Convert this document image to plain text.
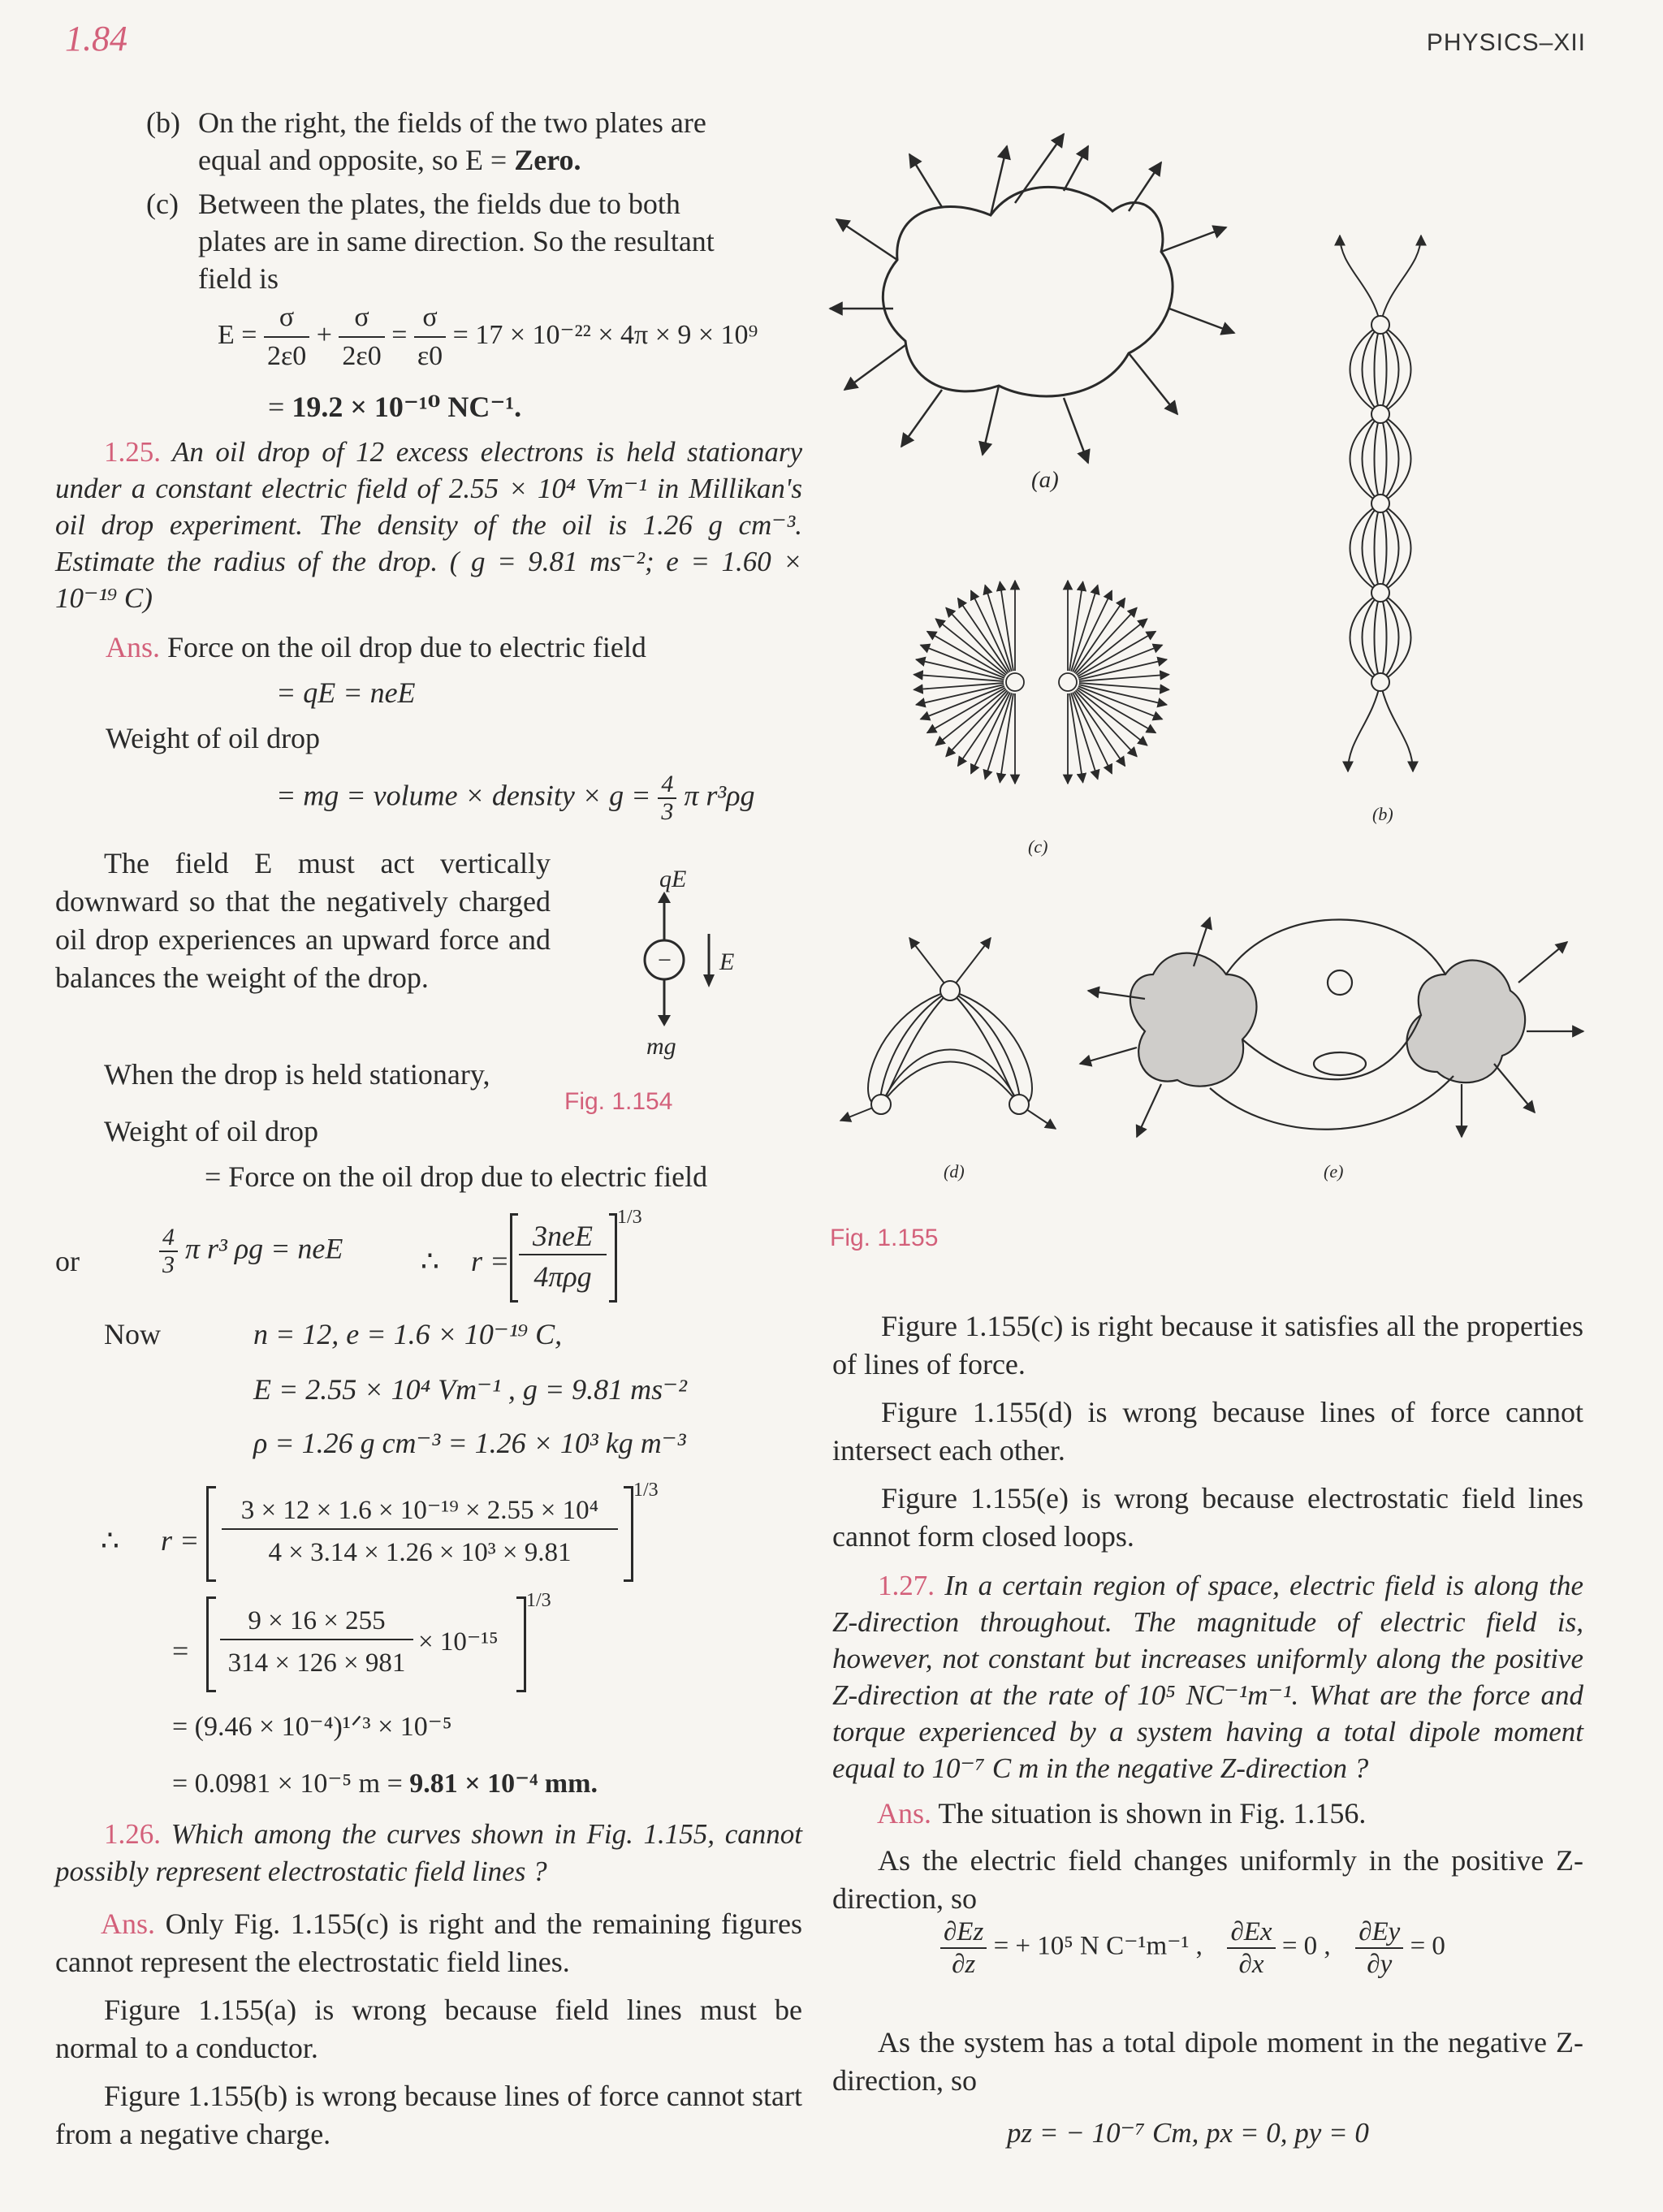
1.84	PHYSICS–XII
(b) On the right, the fields of the two plates are
equal and opposite, so E = Zero.
(c) Between the plates, the fields due to both
plates are in same direction. So the resultant
field is
$E = \frac{\sigma}{2\varepsilon 0} + \frac{\sigma}{2\varepsilon 0} = \frac{\sigma}{\varepsilon 0} = 17 \times 10^{-22} \times 4\pi \times 9 \times 10^9$
= 19.2 × 10⁻¹⁰ NC⁻¹.
1.25. An oil drop of 12 excess electrons is held stationary under a constant electric field of 2.55 × 10⁴ Vm⁻¹ in Millikan's oil drop experiment. The density of the oil is 1.26 g cm⁻³. Estimate the radius of the drop. ( g = 9.81 ms⁻²; e = 1.60 × 10⁻¹⁹ C)
Ans. Force on the oil drop due to electric field
= qE = neE
Weight of oil drop
= mg = volume × density × $g = \frac{4}{3}$ π r³ρg
The field E must act vertically downward so that the negatively charged oil drop experiences an upward force and balances the weight of the drop.
qE
−
mg
E
Fig. 1.154
When the drop is held stationary,
Weight of oil drop
= Force on the oil drop due to electric field
or	$\frac{4}{3}$ π r³ ρg = neE	∴ r =
3neE
4πρg
1/3
Now	n = 12, e = 1.6 × 10⁻¹⁹ C,
E = 2.55 × 10⁴ Vm⁻¹ , g = 9.81 ms⁻²
ρ = 1.26 g cm⁻³ = 1.26 × 10³ kg m⁻³
∴ r =
3 × 12 × 1.6 × 10⁻¹⁹ × 2.55 × 10⁴
4 × 3.14 × 1.26 × 10³ × 9.81
1/3
=
9 × 16 × 255
314 × 126 × 981
× 10⁻¹⁵
1/3
= (9.46 × 10⁻⁴)¹ᐟ³ × 10⁻⁵
= 0.0981 × 10⁻⁵ m = 9.81 × 10⁻⁴ mm.
1.26. Which among the curves shown in Fig. 1.155, cannot possibly represent electrostatic field lines ?
Ans. Only Fig. 1.155(c) is right and the remaining figures cannot represent the electrostatic field lines.
Figure 1.155(a) is wrong because field lines must be normal to a conductor.
Figure 1.155(b) is wrong because lines of force cannot start from a negative charge.
(a)
(b)
(c)
(d)	(e)
Fig. 1.155
Figure 1.155(c) is right because it satisfies all the properties of lines of force.
Figure 1.155(d) is wrong because lines of force cannot intersect each other.
Figure 1.155(e) is wrong because electrostatic field lines cannot form closed loops.
1.27. In a certain region of space, electric field is along the Z-direction throughout. The magnitude of electric field is, however, not constant but increases uniformly along the positive Z-direction at the rate of 10⁵ NC⁻¹m⁻¹. What are the force and torque experienced by a system having a total dipole moment equal to 10⁻⁷ C m in the negative Z-direction ?
Ans. The situation is shown in Fig. 1.156.
As the electric field changes uniformly in the positive Z-direction, so
$\frac{\partial Ez}{\partial z}$ = + 10⁵ N C⁻¹m⁻¹ , $\frac{\partial Ex}{\partial x} = 0$ , $\frac{\partial Ey}{\partial y} = 0$
As the system has a total dipole moment in the negative Z-direction, so
pz = − 10⁻⁷ Cm, px = 0, py = 0
